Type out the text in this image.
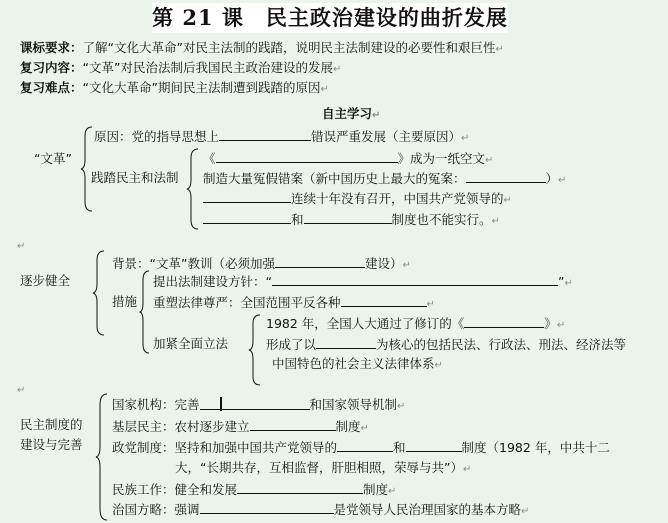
第 21 课　民主政治建设的曲折发展
课标要求：了解“文化大革命”对民主法制的践踏，说明民主法制建设的必要性和艰巨性↵
复习内容：“文革”对民治法制后我国民主政治建设的发展↵
复习难点：“文化大革命”期间民主法制遭到践踏的原因↵
自主学习↵
“文革”
原因：党的指导思想上	错误严重发展（主要原因）↵
践踏民主和法制
《	》成为一纸空文↵
制造大量冤假错案（新中国历史上最大的冤案：	）↵
连续十年没有召开，中国共产党领导的↵
和	制度也不能实行。↵
↵
逐步健全
背景：“文革”教训（必须加强	建设）↵
措施
提出法制建设方针：“	”↵
重塑法律尊严：全国范围平反各种	↵
加紧全面立法
1982 年，全国人大通过了修订的《	》↵
形成了以	为核心的包括民法、行政法、刑法、经济法等
中国特色的社会主义法律体系↵
↵
民主制度的
建设与完善
国家机构：完善	和国家领导机制↵
基层民主：农村逐步建立	制度↵
政党制度：坚持和加强中国共产党领导的	和	制度（1982 年，中共十二
大，“长期共存，互相监督，肝胆相照，荣辱与共”）↵
民族工作：健全和发展	制度↵
治国方略：强调	是党领导人民治理国家的基本方略↵
